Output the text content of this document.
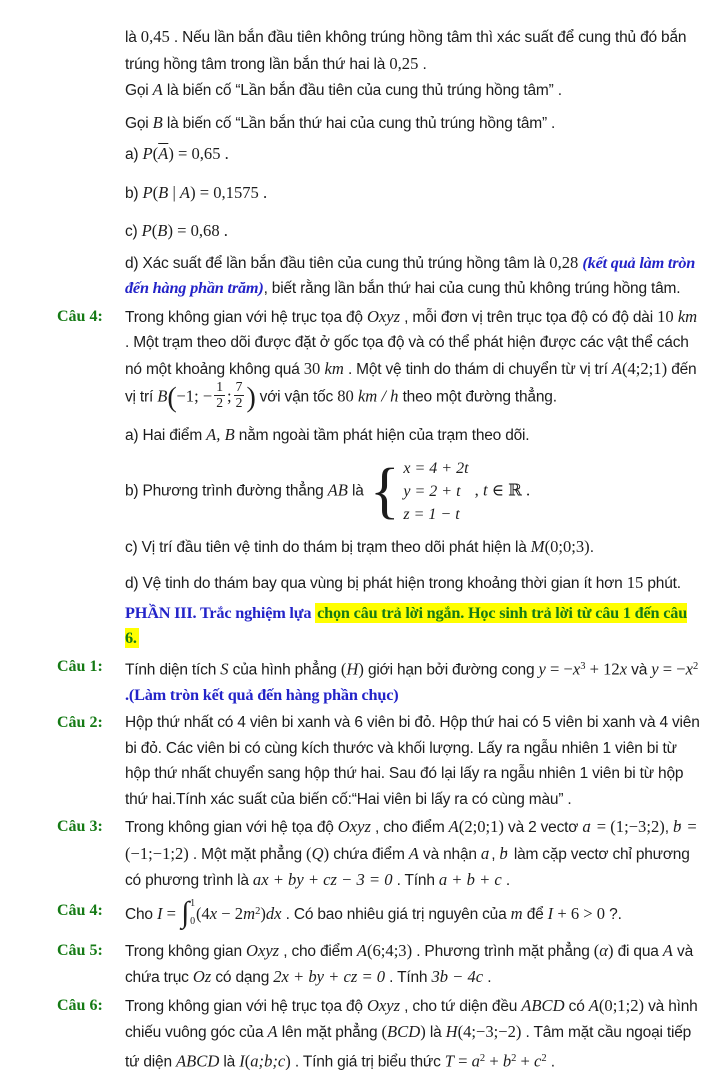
là 0,45 . Nếu lần bắn đầu tiên không trúng hồng tâm thì xác suất để cung thủ đó bắn trúng hồng tâm trong lần bắn thứ hai là 0,25 .
Gọi A là biến cố “Lần bắn đầu tiên của cung thủ trúng hồng tâm” .
Gọi B là biến cố “Lần bắn thứ hai của cung thủ trúng hồng tâm” .
a) $P(\overline{A}) = 0,65$ .
b) P(B | A) = 0,1575 .
c) P(B) = 0,68 .
d) Xác suất để lần bắn đầu tiên của cung thủ trúng hồng tâm là 0,28 (kết quả làm tròn đến hàng phần trăm), biết rằng lần bắn thứ hai của cung thủ không trúng hồng tâm.
Câu 4:	Trong không gian với hệ trục tọa độ Oxyz , mỗi đơn vị trên trục tọa độ có độ dài 10 km . Một trạm theo dõi được đặt ở gốc tọa độ và có thể phát hiện được các vật thể cách nó một khoảng không quá 30 km . Một vệ tinh do thám di chuyển từ vị trí A(4;2;1) đến vị trí B(−1; − $\frac{1}{2}$ ; $\frac{7}{2}$ ) với vận tốc 80 km / h theo một đường thẳng.
a) Hai điểm A, B nằm ngoài tầm phát hiện của trạm theo dõi.
b) Phương trình đường thẳng AB là { x = 4 + 2t
y = 2 + t
z = 1 − t
, t ∈ ℝ .
c) Vị trí đầu tiên vệ tinh do thám bị trạm theo dõi phát hiện là M(0;0;3).
d) Vệ tinh do thám bay qua vùng bị phát hiện trong khoảng thời gian ít hơn 15 phút.
PHẦN III. Trắc nghiệm lựa chọn câu trả lời ngắn. Học sinh trả lời từ câu 1 đến câu 6.
Câu 1:	Tính diện tích S của hình phẳng (H) giới hạn bởi đường cong $y = -x^3 + 12x$ và $y = -x^2$
.(Làm tròn kết quả đến hàng phần chục)
Câu 2:	Hộp thứ nhất có 4 viên bi xanh và 6 viên bi đỏ. Hộp thứ hai có 5 viên bi xanh và 4 viên bi đỏ. Các viên bi có cùng kích thước và khối lượng. Lấy ra ngẫu nhiên 1 viên bi từ hộp thứ nhất chuyển sang hộp thứ hai. Sau đó lại lấy ra ngẫu nhiên 1 viên bi từ hộp thứ hai.Tính xác suất của biến cố:“Hai viên bi lấy ra có cùng màu” .
Câu 3:	Trong không gian với hệ tọa độ Oxyz , cho điểm A(2;0;1) và 2 vectơ a → = (1;−3;2), b → = (−1;−1;2) . Một mặt phẳng (Q) chứa điểm A và nhận a → , b → làm cặp vectơ chỉ phương có phương trình là ax + by + cz − 3 = 0 . Tính a + b + c .
Câu 4:	Cho I = ∫ 1
0 $(4x - 2m^2)dx$ . Có bao nhiêu giá trị nguyên của m để I + 6 > 0 ?.
Câu 5:	Trong không gian Oxyz , cho điểm A(6;4;3) . Phương trình mặt phẳng (α) đi qua A và chứa trục Oz có dạng 2x + by + cz = 0 . Tính 3b − 4c .
Câu 6:	Trong không gian với hệ trục tọa độ Oxyz , cho tứ diện đều ABCD có A(0;1;2) và hình chiếu vuông góc của A lên mặt phẳng (BCD) là H(4;−3;−2) . Tâm mặt cầu ngoại tiếp tứ diện ABCD là I(a;b;c) . Tính giá trị biểu thức $T = a^2 + b^2 + c^2$ .
